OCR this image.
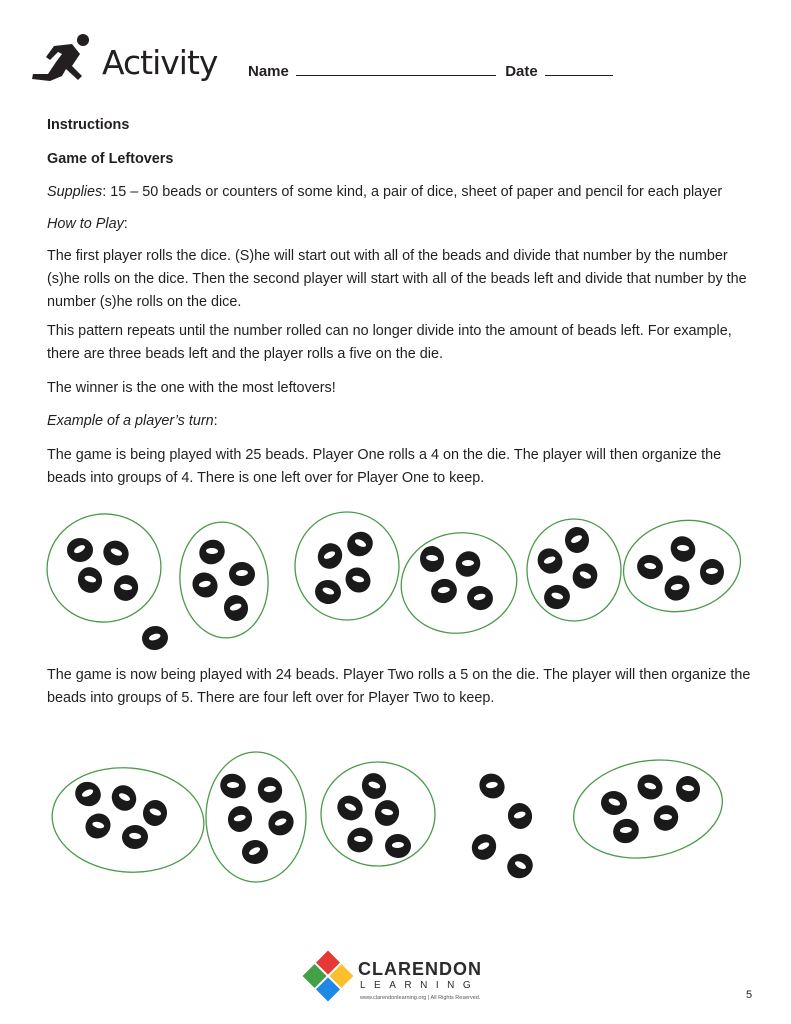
Activity Name	Date
Instructions
Game of Leftovers
Supplies: 15 – 50 beads or counters of some kind, a pair of dice, sheet of paper and pencil for each player
How to Play:
The first player rolls the dice. (S)he will start out with all of the beads and divide that number by the number (s)he rolls on the dice. Then the second player will start with all of the beads left and divide that number by the number (s)he rolls on the dice.
This pattern repeats until the number rolled can no longer divide into the amount of beads left. For example, there are three beads left and the player rolls a five on the die.
The winner is the one with the most leftovers!
Example of a player’s turn:
The game is being played with 25 beads. Player One rolls a 4 on the die. The player will then organize the beads into groups of 4. There is one left over for Player One to keep.
The game is now being played with 24 beads. Player Two rolls a 5 on the die. The player will then organize the beads into groups of 5. There are four left over for Player Two to keep.
CLARENDON
LEARNING
www.clarendonlearning.org | All Rights Reserved.	5
